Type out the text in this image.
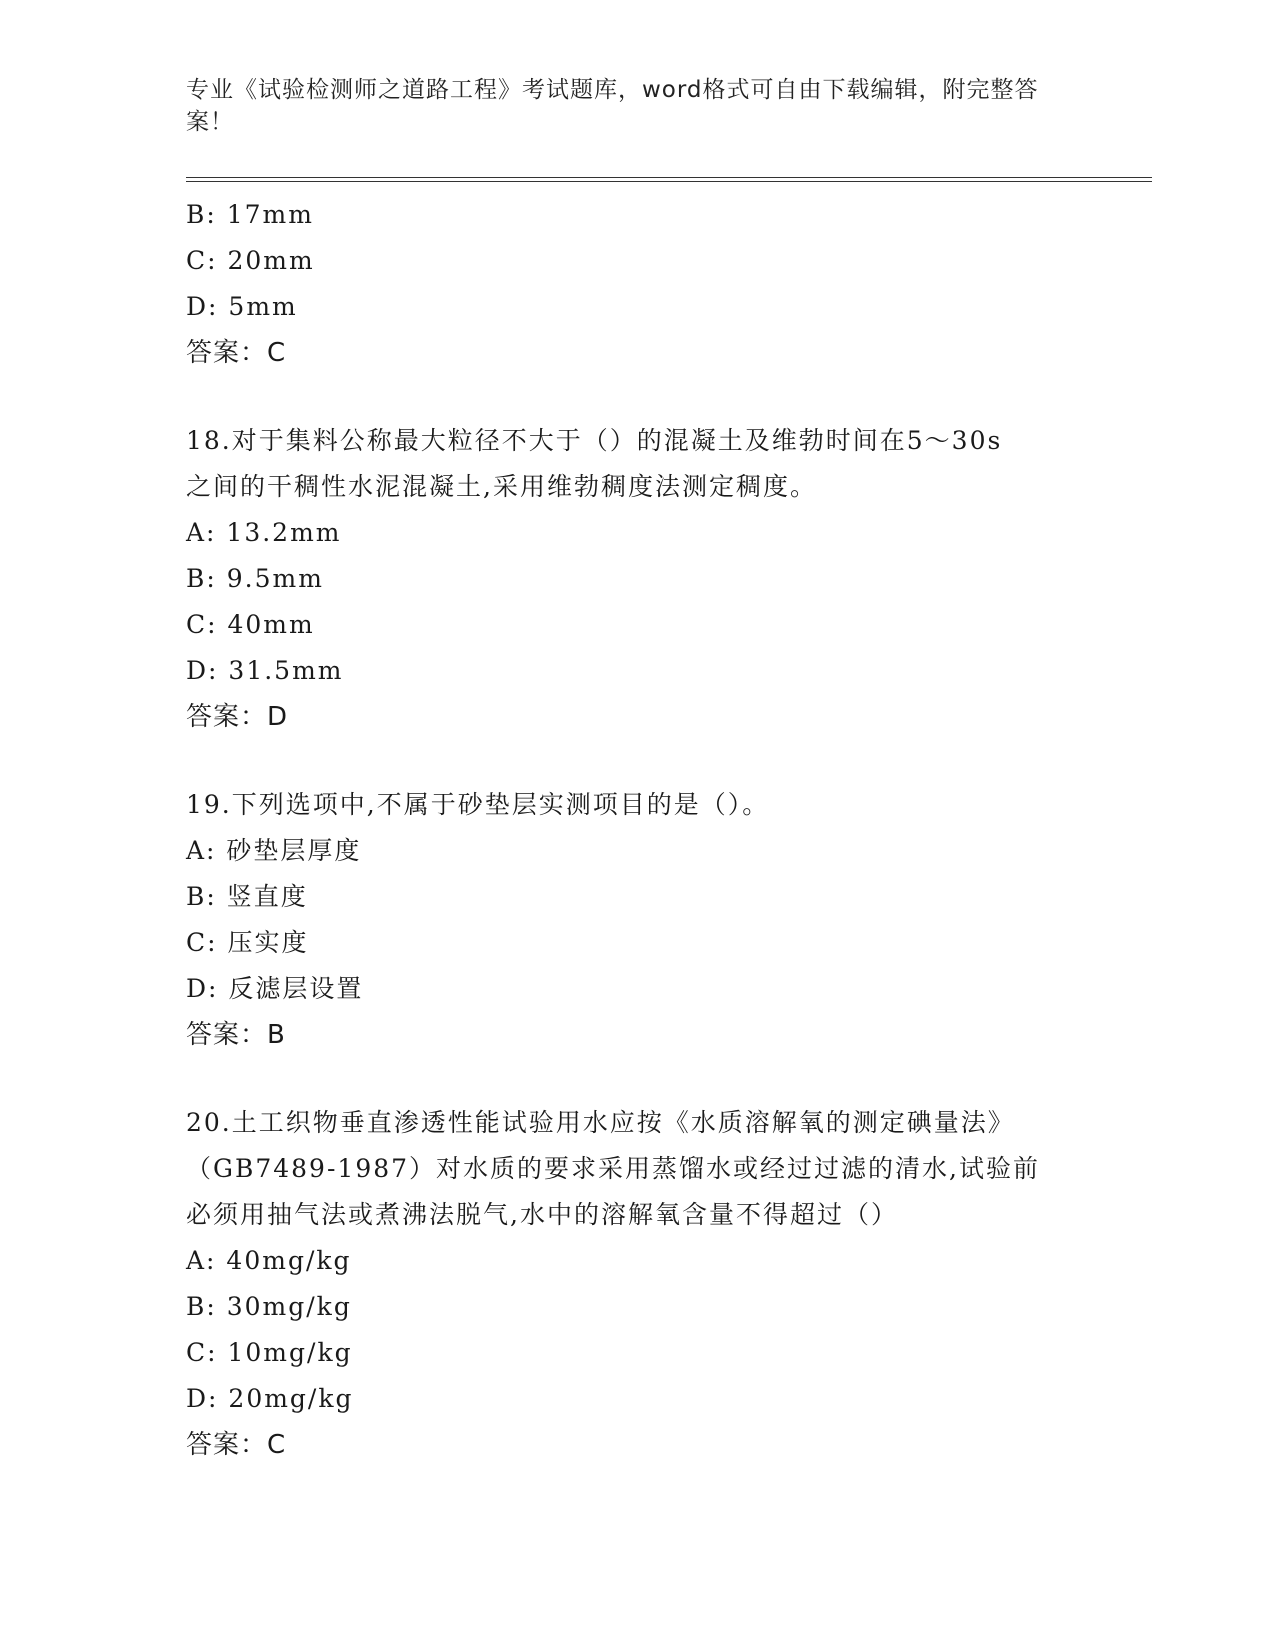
专业《试验检测师之道路工程》考试题库，word格式可自由下载编辑，附完整答
案！
B: 17mm
C: 20mm
D: 5mm
答案：C
18.对于集料公称最大粒径不大于（）的混凝土及维勃时间在5～30s
之间的干稠性水泥混凝土,采用维勃稠度法测定稠度。
A: 13.2mm
B: 9.5mm
C: 40mm
D: 31.5mm
答案：D
19.下列选项中,不属于砂垫层实测项目的是（）。
A: 砂垫层厚度
B: 竖直度
C: 压实度
D: 反滤层设置
答案：B
20.土工织物垂直渗透性能试验用水应按《水质溶解氧的测定碘量法》
（GB7489-1987）对水质的要求采用蒸馏水或经过过滤的清水,试验前
必须用抽气法或煮沸法脱气,水中的溶解氧含量不得超过（）
A: 40mg/kg
B: 30mg/kg
C: 10mg/kg
D: 20mg/kg
答案：C
